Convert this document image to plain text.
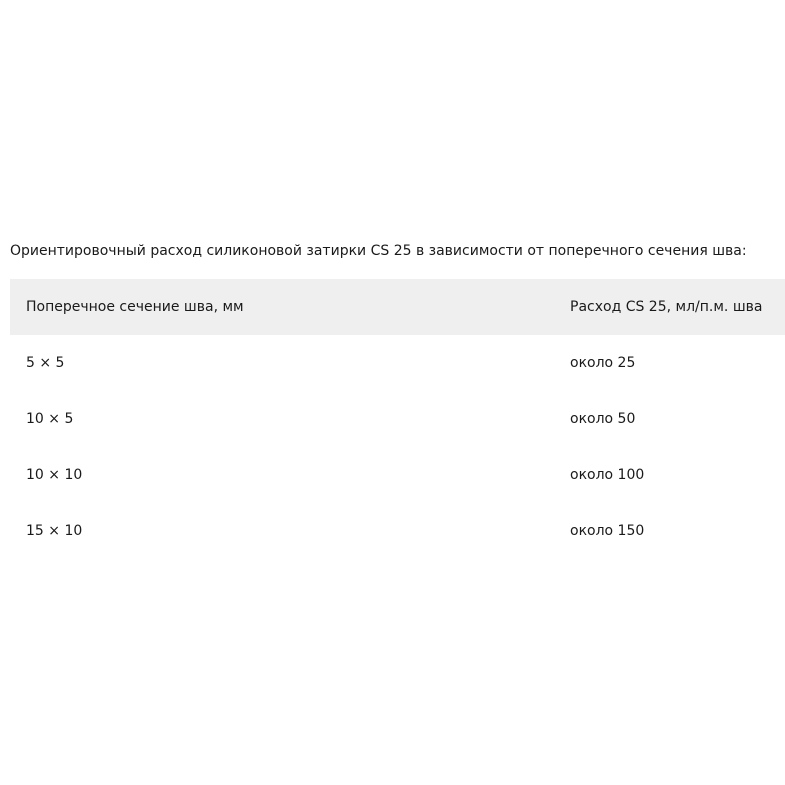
Ориентировочный расход силиконовой затирки CS 25 в зависимости от поперечного сечения шва:

Поперечное сечение шва, мм	Расход CS 25, мл/п.м. шва
5 × 5	около 25
10 × 5	около 50
10 × 10	около 100
15 × 10	около 150
